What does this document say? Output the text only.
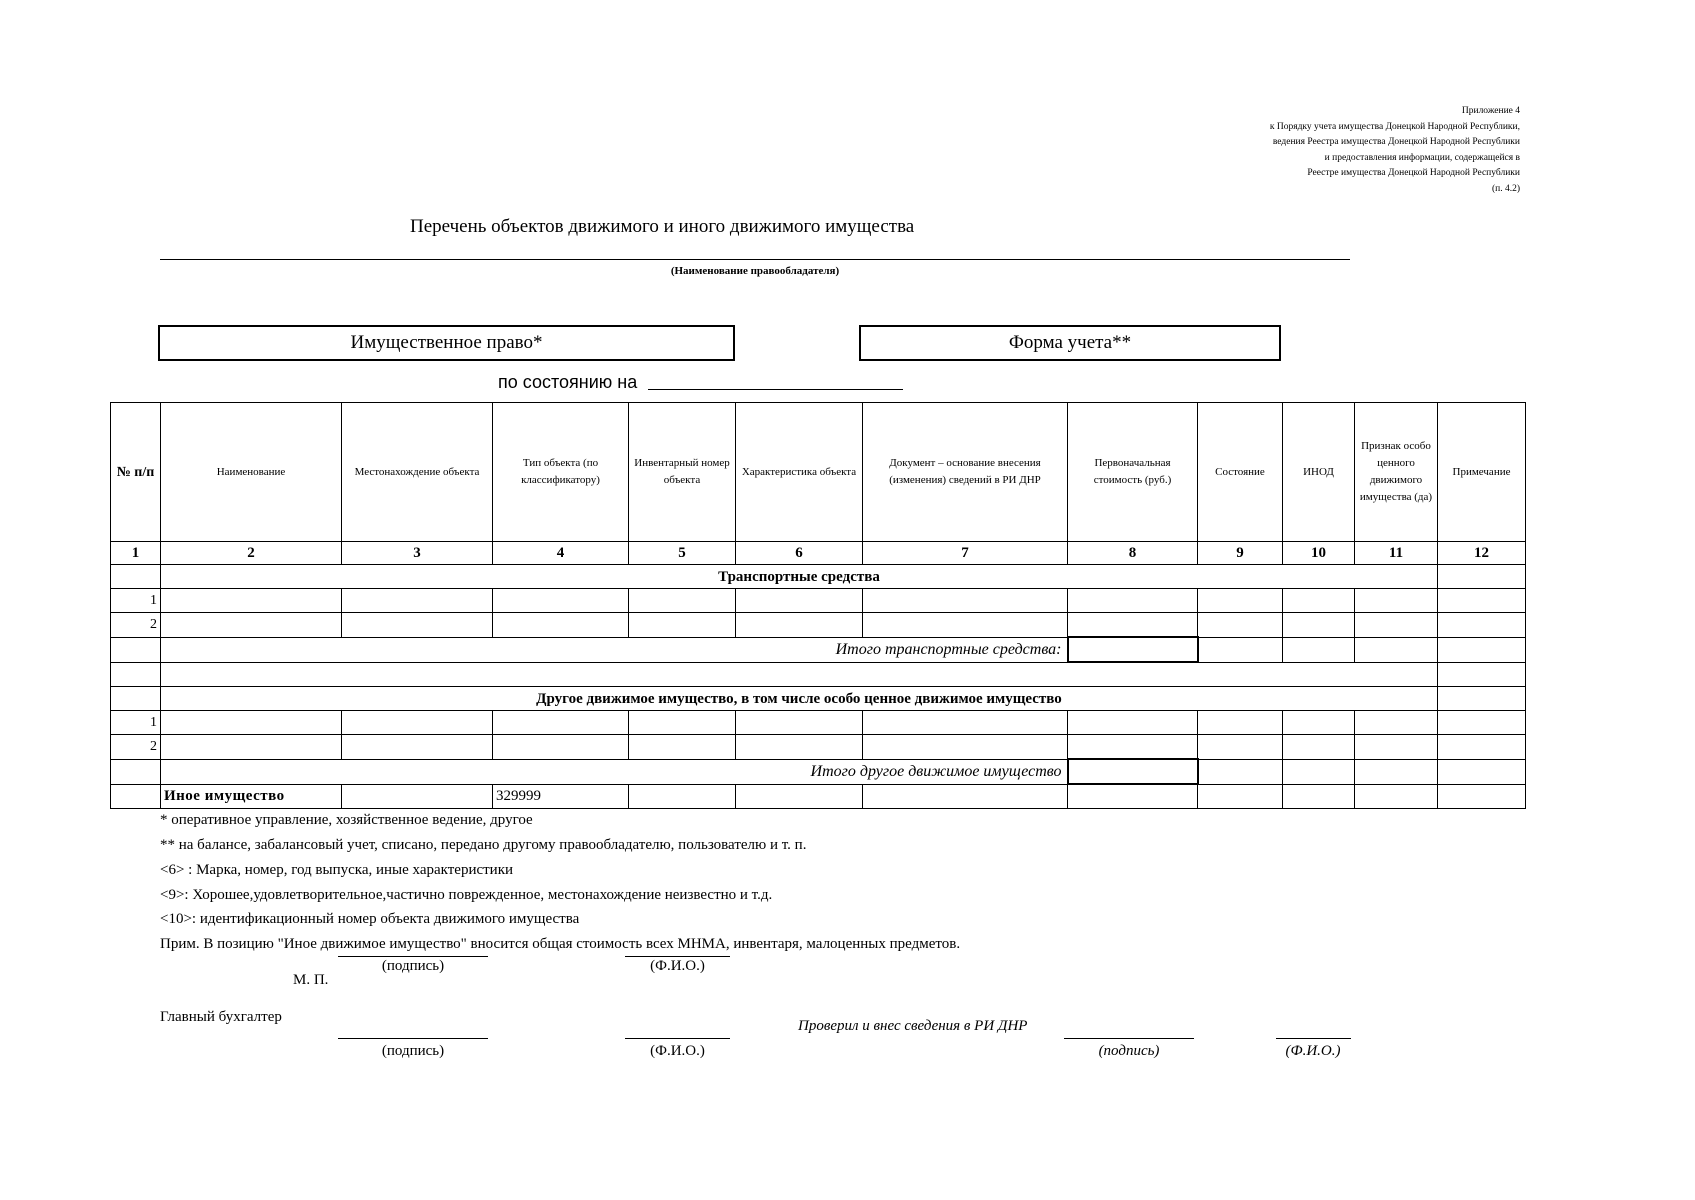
Приложение 4
к Порядку учета имущества Донецкой Народной Республики,
ведения Реестра имущества Донецкой Народной Республики
и предоставления информации, содержащейся в
Реестре имущества Донецкой Народной Республики
(п. 4.2)
Перечень объектов движимого и иного движимого имущества
(Наименование правообладателя)
Имущественное право*	Форма учета**
по состоянию на
№ п/п	Наименование	Местонахождение объекта	Тип объекта (по классификатору)	Инвентарный номер объекта	Характеристика объекта	Документ – основание внесения (изменения) сведений в РИ ДНР	Первоначальная стоимость (руб.)	Состояние	ИНОД	Признак особо ценного движимого имущества (да)	Примечание
1	2	3	4	5	6	7	8	9	10	11	12
	Транспортные средства										
1											
2											
	Итого транспортные средства:										

	Другое движимое имущество, в том числе особо ценное движимое имущество										
1											
2											
	Итого другое движимое имущество										
	Иное имущество		329999								
* оперативное управление, хозяйственное ведение, другое
** на балансе, забалансовый учет, списано, передано другому правообладателю, пользователю и т. п.
<6> : Марка, номер, год выпуска, иные характеристики
<9>: Хорошее,удовлетворительное,частично поврежденное, местонахождение неизвестно и т.д.
<10>: идентификационный номер объекта движимого имущества
Прим. В позицию "Иное движимое имущество" вносится общая стоимость всех МНМА, инвентаря, малоценных предметов.
(подпись)	(Ф.И.О.)
М. П.
Главный бухгалтер
(подпись)	(Ф.И.О.)
Проверил и внес сведения в РИ ДНР
(подпись)	(Ф.И.О.)
